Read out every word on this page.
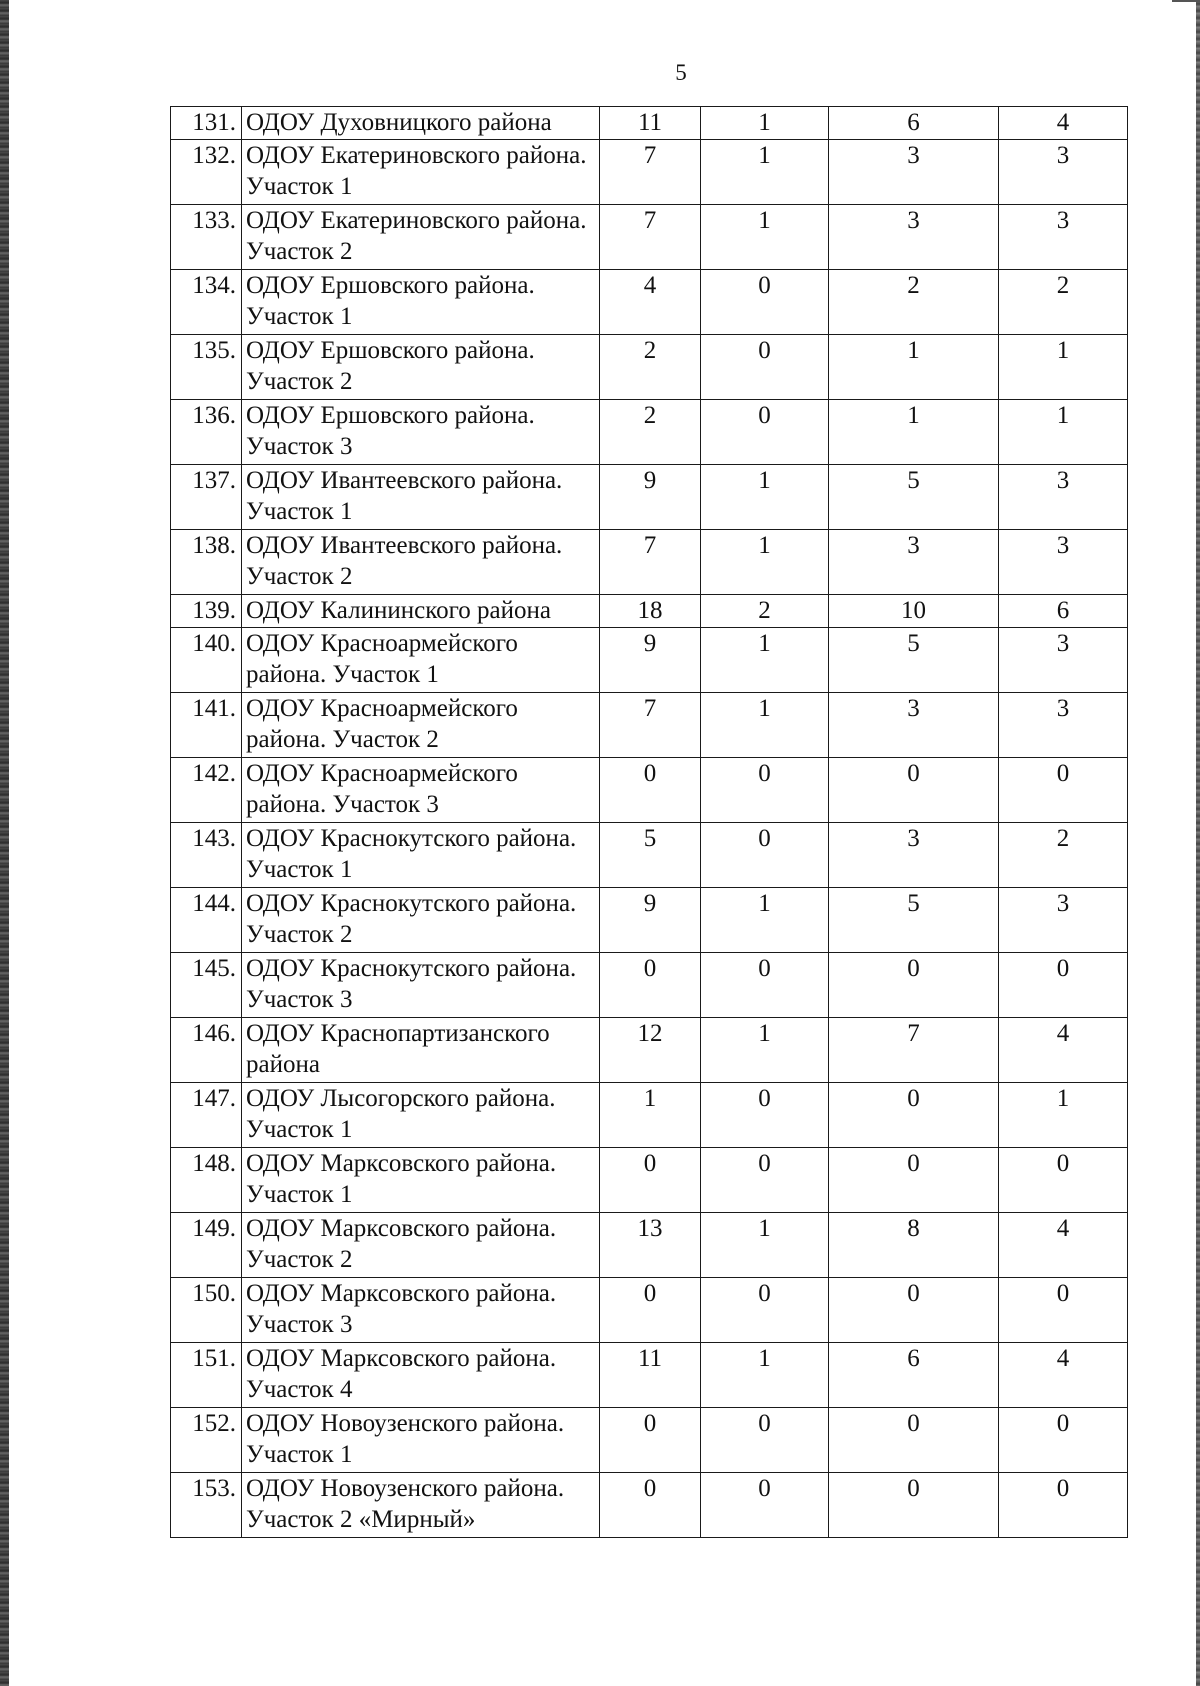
5
131.	ОДОУ Духовницкого района	11	1	6	4
132.	ОДОУ Екатериновского района. Участок 1	7	1	3	3
133.	ОДОУ Екатериновского района. Участок 2	7	1	3	3
134.	ОДОУ Ершовского района. Участок 1	4	0	2	2
135.	ОДОУ Ершовского района. Участок 2	2	0	1	1
136.	ОДОУ Ершовского района. Участок 3	2	0	1	1
137.	ОДОУ Ивантеевского района. Участок 1	9	1	5	3
138.	ОДОУ Ивантеевского района. Участок 2	7	1	3	3
139.	ОДОУ Калининского района	18	2	10	6
140.	ОДОУ Красноармейского района. Участок 1	9	1	5	3
141.	ОДОУ Красноармейского района. Участок 2	7	1	3	3
142.	ОДОУ Красноармейского района. Участок 3	0	0	0	0
143.	ОДОУ Краснокутского района. Участок 1	5	0	3	2
144.	ОДОУ Краснокутского района. Участок 2	9	1	5	3
145.	ОДОУ Краснокутского района. Участок 3	0	0	0	0
146.	ОДОУ Краснопартизанского района	12	1	7	4
147.	ОДОУ Лысогорского района. Участок 1	1	0	0	1
148.	ОДОУ Марксовского района. Участок 1	0	0	0	0
149.	ОДОУ Марксовского района. Участок 2	13	1	8	4
150.	ОДОУ Марксовского района. Участок 3	0	0	0	0
151.	ОДОУ Марксовского района. Участок 4	11	1	6	4
152.	ОДОУ Новоузенского района. Участок 1	0	0	0	0
153.	ОДОУ Новоузенского района. Участок 2 «Мирный»	0	0	0	0
